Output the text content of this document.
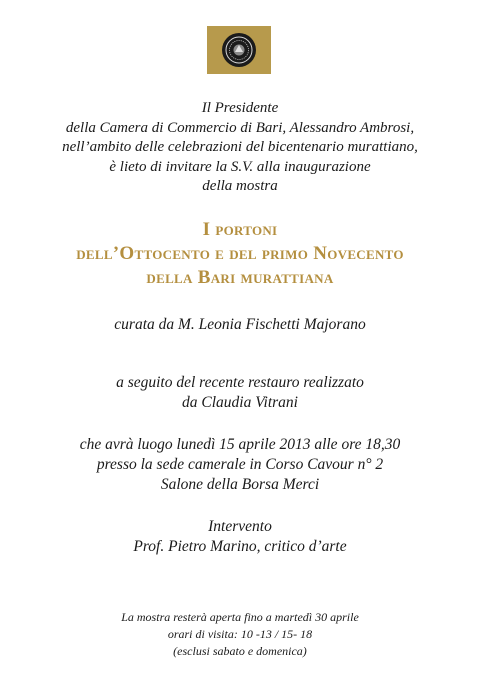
Il Presidente
della Camera di Commercio di Bari, Alessandro Ambrosi,
nell’ambito delle celebrazioni del bicentenario murattiano,
è lieto di invitare la S.V. alla inaugurazione
della mostra
I portoni
dell’Ottocento e del primo Novecento
della Bari murattiana
curata da M. Leonia Fischetti Majorano
a seguito del recente restauro realizzato
da Claudia Vitrani
che avrà luogo lunedì 15 aprile 2013 alle ore 18,30
presso la sede camerale in Corso Cavour n° 2
Salone della Borsa Merci
Intervento
Prof. Pietro Marino, critico d’arte
La mostra resterà aperta fino a martedì 30 aprile
orari di visita: 10 -13 / 15- 18
(esclusi sabato e domenica)
